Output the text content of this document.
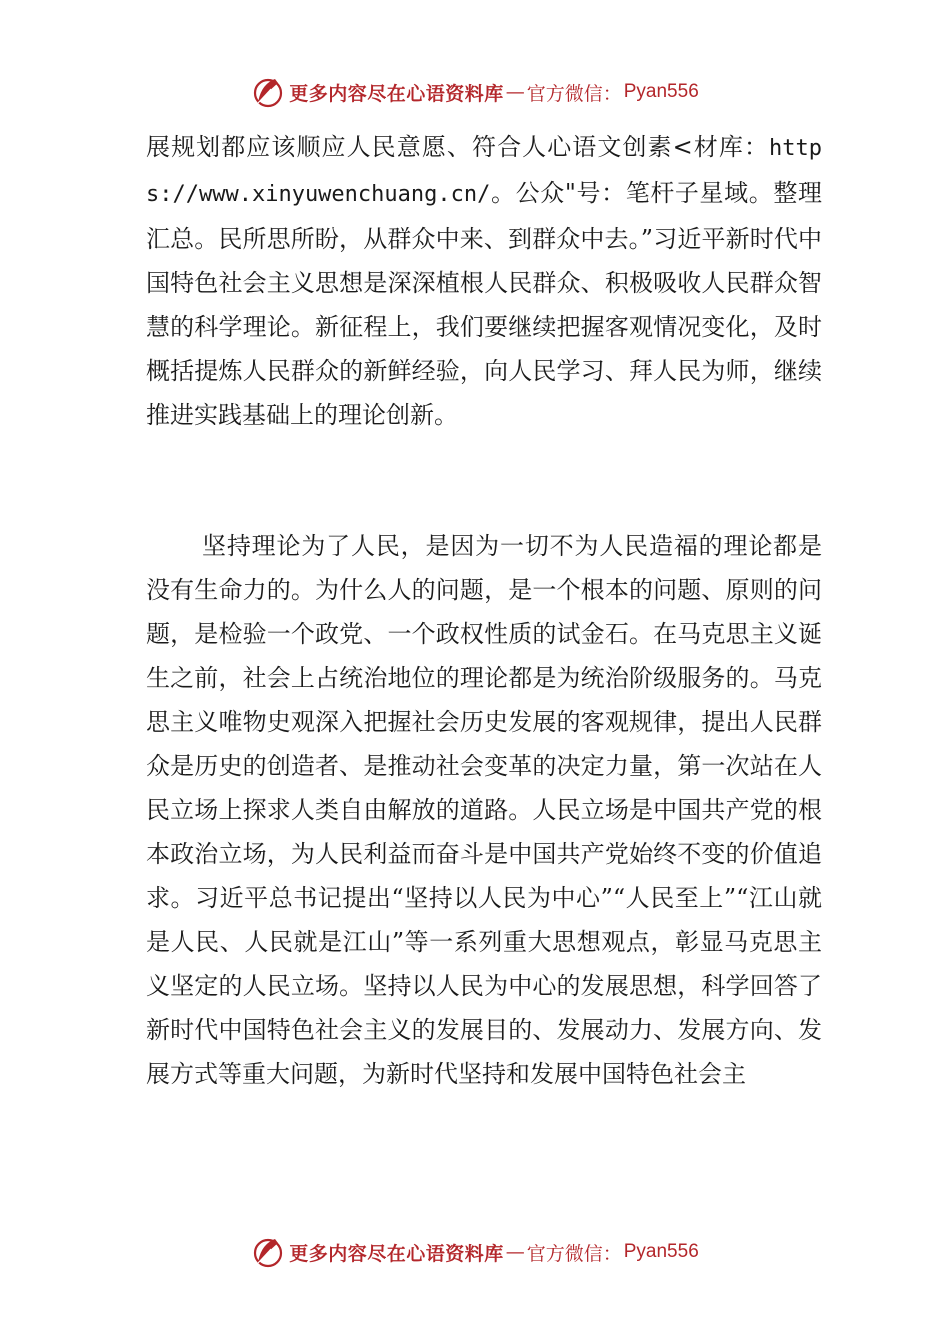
更多内容尽在心语资料库 — 官方微信： Pyan556

展规划都应该顺应人民意愿、符合人心语文创素<材库：https://www.xinyuwenchuang.cn/。公众"号：笔杆子星域。整理汇总。民所思所盼，从群众中来、到群众中去。”习近平新时代中国特色社会主义思想是深深植根人民群众、积极吸收人民群众智慧的科学理论。新征程上，我们要继续把握客观情况变化，及时概括提炼人民群众的新鲜经验，向人民学习、拜人民为师，继续推进实践基础上的理论创新。

坚持理论为了人民，是因为一切不为人民造福的理论都是没有生命力的。为什么人的问题，是一个根本的问题、原则的问题，是检验一个政党、一个政权性质的试金石。在马克思主义诞生之前，社会上占统治地位的理论都是为统治阶级服务的。马克思主义唯物史观深入把握社会历史发展的客观规律，提出人民群众是历史的创造者、是推动社会变革的决定力量，第一次站在人民立场上探求人类自由解放的道路。人民立场是中国共产党的根本政治立场，为人民利益而奋斗是中国共产党始终不变的价值追求。习近平总书记提出“坚持以人民为中心”“人民至上”“江山就是人民、人民就是江山”等一系列重大思想观点，彰显马克思主义坚定的人民立场。坚持以人民为中心的发展思想，科学回答了新时代中国特色社会主义的发展目的、发展动力、发展方向、发展方式等重大问题，为新时代坚持和发展中国特色社会主

更多内容尽在心语资料库 — 官方微信： Pyan556
